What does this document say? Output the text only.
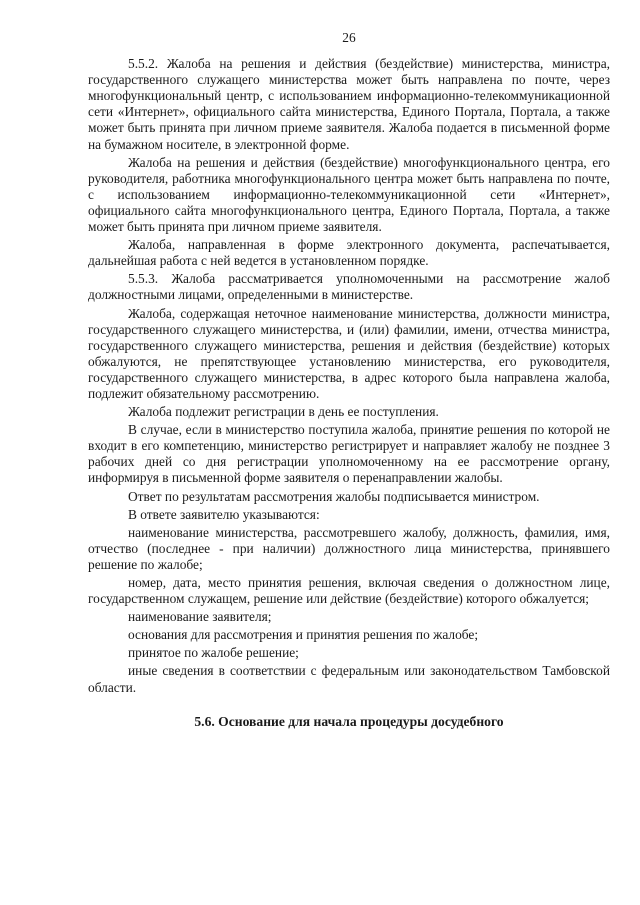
26

5.5.2. Жалоба на решения и действия (бездействие) министерства, министра, государственного служащего министерства может быть направлена по почте, через многофункциональный центр, с использованием информационно-телекоммуникационной сети «Интернет», официального сайта министерства, Единого Портала, Портала, а также может быть принята при личном приеме заявителя. Жалоба подается в письменной форме на бумажном носителе, в электронной форме.

Жалоба на решения и действия (бездействие) многофункционального центра, его руководителя, работника многофункционального центра может быть направлена по почте, с использованием информационно-телекоммуникационной сети «Интернет», официального сайта многофункционального центра, Единого Портала, Портала, а также может быть принята при личном приеме заявителя.

Жалоба, направленная в форме электронного документа, распечатывается, дальнейшая работа с ней ведется в установленном порядке.

5.5.3. Жалоба рассматривается уполномоченными на рассмотрение жалоб должностными лицами, определенными в министерстве.

Жалоба, содержащая неточное наименование министерства, должности министра, государственного служащего министерства, и (или) фамилии, имени, отчества министра, государственного служащего министерства, решения и действия (бездействие) которых обжалуются, не препятствующее установлению министерства, его руководителя, государственного служащего министерства, в адрес которого была направлена жалоба, подлежит обязательному рассмотрению.

Жалоба подлежит регистрации в день ее поступления.

В случае, если в министерство поступила жалоба, принятие решения по которой не входит в его компетенцию, министерство регистрирует и направляет жалобу не позднее 3 рабочих дней со дня регистрации уполномоченному на ее рассмотрение органу, информируя в письменной форме заявителя о перенаправлении жалобы.

Ответ по результатам рассмотрения жалобы подписывается министром.

В ответе заявителю указываются:

наименование министерства, рассмотревшего жалобу, должность, фамилия, имя, отчество (последнее - при наличии) должностного лица министерства, принявшего решение по жалобе;

номер, дата, место принятия решения, включая сведения о должностном лице, государственном служащем, решение или действие (бездействие) которого обжалуется;

наименование заявителя;

основания для рассмотрения и принятия решения по жалобе;

принятое по жалобе решение;

иные сведения в соответствии с федеральным или законодательством Тамбовской области.

5.6. Основание для начала процедуры досудебного
